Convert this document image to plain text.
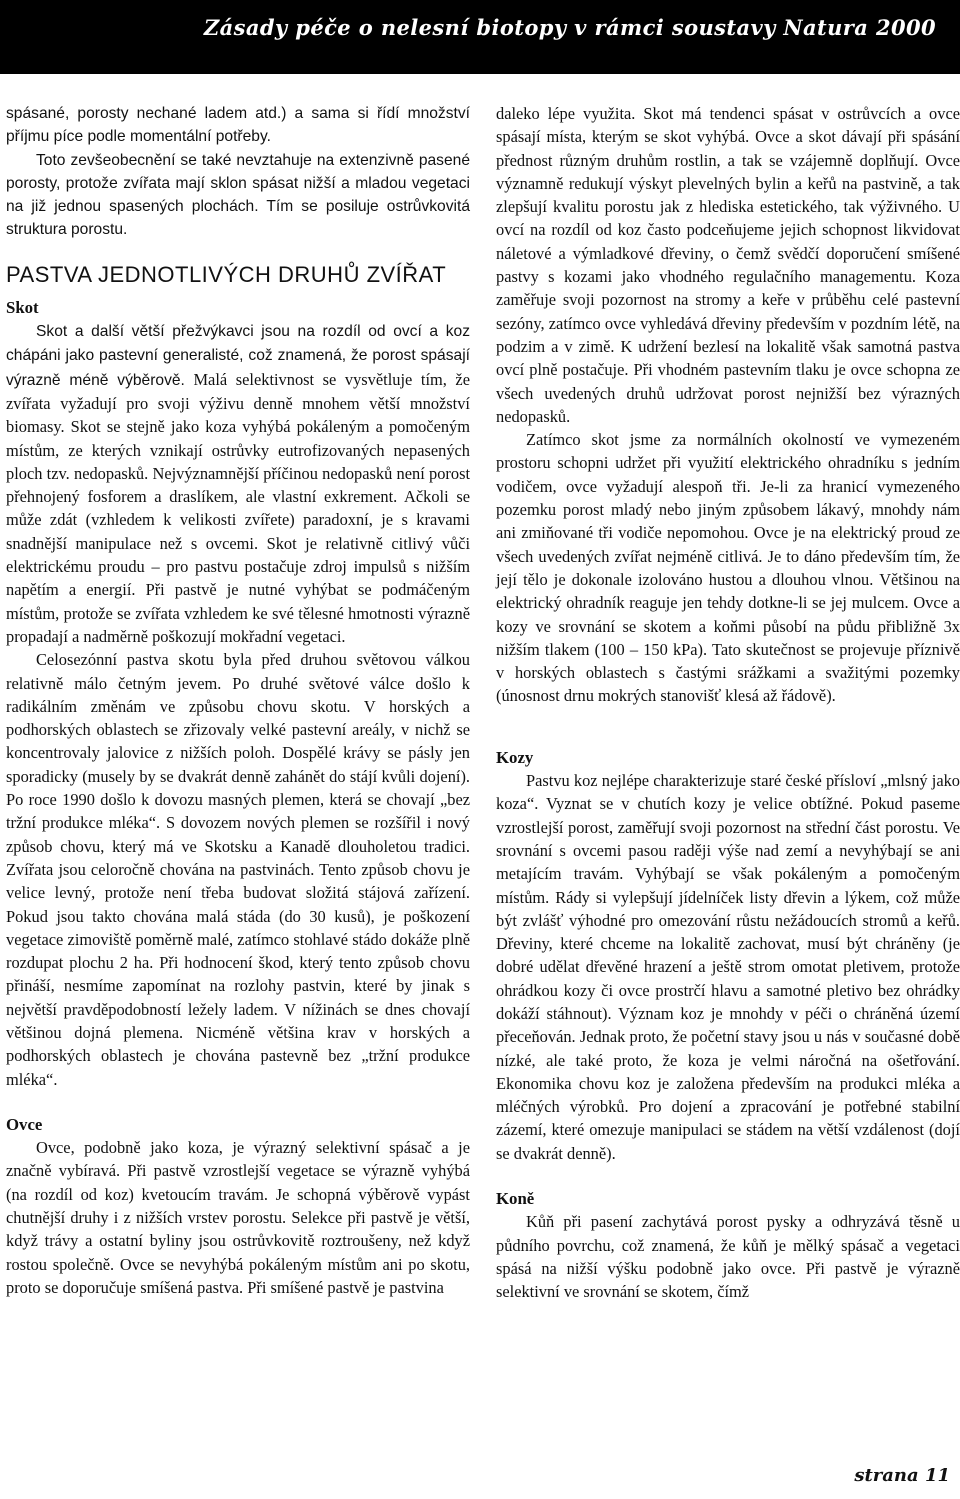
Zásady péče o nelesní biotopy v rámci soustavy Natura 2000

spásané, porosty nechané ladem atd.) a sama si řídí množství příjmu píce podle momentální potřeby.

Toto zevšeobecnění se také nevztahuje na extenzivně pasené porosty, protože zvířata mají sklon spásat nižší a mladou vegetaci na již jednou spasených plochách. Tím se posiluje ostrůvkovitá struktura porostu.

PASTVA JEDNOTLIVÝCH DRUHŮ ZVÍŘAT
Skot

Skot a další větší přežvýkavci jsou na rozdíl od ovcí a koz chápáni jako pastevní generalisté, což znamená, že porost spásají výrazně méně výběrově. Malá selektivnost se vysvětluje tím, že zvířata vyžadují pro svoji výživu denně mnohem větší množství biomasy. Skot se stejně jako koza vyhýbá pokáleným a pomočeným místům, ze kterých vznikají ostrůvky eutrofizovaných nepasených ploch tzv. nedopasků. Nejvýznamnější příčinou nedopasků není porost přehnojený fosforem a draslíkem, ale vlastní exkrement. Ačkoli se může zdát (vzhledem k velikosti zvířete) paradoxní, je s kravami snadnější manipulace než s ovcemi. Skot je relativně citlivý vůči elektrickému proudu – pro pastvu postačuje zdroj impulsů s nižším napětím a energií. Při pastvě je nutné vyhýbat se podmáčeným místům, protože se zvířata vzhledem ke své tělesné hmotnosti výrazně propadají a nadměrně poškozují mokřadní vegetaci.

Celosezónní pastva skotu byla před druhou světovou válkou relativně málo četným jevem. Po druhé světové válce došlo k radikálním změnám ve způsobu chovu skotu. V horských a podhorských oblastech se zřizovaly velké pastevní areály, v nichž se koncentrovaly jalovice z nižších poloh. Dospělé krávy se pásly jen sporadicky (musely by se dvakrát denně zahánět do stájí kvůli dojení). Po roce 1990 došlo k dovozu masných plemen, která se chovají „bez tržní produkce mléka“. S dovozem nových plemen se rozšířil i nový způsob chovu, který má ve Skotsku a Kanadě dlouholetou tradici. Zvířata jsou celoročně chována na pastvinách. Tento způsob chovu je velice levný, protože není třeba budovat složitá stájová zařízení. Pokud jsou takto chována malá stáda (do 30 kusů), je poškození vegetace zimoviště poměrně malé, zatímco stohlavé stádo dokáže plně rozdupat plochu 2 ha. Při hodnocení škod, který tento způsob chovu přináší, nesmíme zapomínat na rozlohy pastvin, které by jinak s největší pravděpodobností ležely ladem. V nížinách se dnes chovají většinou dojná plemena. Nicméně většina krav v horských a podhorských oblastech je chována pastevně bez „tržní produkce mléka“.

Ovce

Ovce, podobně jako koza, je výrazný selektivní spásač a je značně vybíravá. Při pastvě vzrostlejší vegetace se výrazně vyhýbá (na rozdíl od koz) kvetoucím travám. Je schopná výběrově vypást chutnější druhy i z nižších vrstev porostu. Selekce při pastvě je větší, když trávy a ostatní byliny jsou ostrůvkovitě roztroušeny, než když rostou společně. Ovce se nevyhýbá pokáleným místům ani po skotu, proto se doporučuje smíšená pastva. Při smíšené pastvě je pastvina

daleko lépe využita. Skot má tendenci spásat v ostrůvcích a ovce spásají místa, kterým se skot vyhýbá. Ovce a skot dávají při spásání přednost různým druhům rostlin, a tak se vzájemně doplňují. Ovce významně redukují výskyt plevelných bylin a keřů na pastvině, a tak zlepšují kvalitu porostu jak z hlediska estetického, tak výživného. U ovcí na rozdíl od koz často podceňujeme jejich schopnost likvidovat náletové a výmladkové dřeviny, o čemž svědčí doporučení smíšené pastvy s kozami jako vhodného regulačního managementu. Koza zaměřuje svoji pozornost na stromy a keře v průběhu celé pastevní sezóny, zatímco ovce vyhledává dřeviny především v pozdním létě, na podzim a v zimě. K udržení bezlesí na lokalitě však samotná pastva ovcí plně postačuje. Při vhodném pastevním tlaku je ovce schopna ze všech uvedených druhů udržovat porost nejnižší bez výrazných nedopasků.

Zatímco skot jsme za normálních okolností ve vymezeném prostoru schopni udržet při využití elektrického ohradníku s jedním vodičem, ovce vyžadují alespoň tři. Je-li za hranicí vymezeného pozemku porost mladý nebo jiným způsobem lákavý, mnohdy nám ani zmiňované tři vodiče nepomohou. Ovce je na elektrický proud ze všech uvedených zvířat nejméně citlivá. Je to dáno především tím, že její tělo je dokonale izolováno hustou a dlouhou vlnou. Většinou na elektrický ohradník reaguje jen tehdy dotkne-li se jej mulcem. Ovce a kozy ve srovnání se skotem a koňmi působí na půdu přibližně 3x nižším tlakem (100 – 150 kPa). Tato skutečnost se projevuje příznivě v horských oblastech s častými srážkami a svažitými pozemky (únosnost drnu mokrých stanovišť klesá až řádově).

Kozy

Pastvu koz nejlépe charakterizuje staré české přísloví „mlsný jako koza“. Vyznat se v chutích kozy je velice obtížné. Pokud paseme vzrostlejší porost, zaměřují svoji pozornost na střední část porostu. Ve srovnání s ovcemi pasou raději výše nad zemí a nevyhýbají se ani metajícím travám. Vyhýbají se však pokáleným a pomočeným místům. Rády si vylepšují jídelníček listy dřevin a lýkem, což může být zvlášť výhodné pro omezování růstu nežádoucích stromů a keřů. Dřeviny, které chceme na lokalitě zachovat, musí být chráněny (je dobré udělat dřevěné hrazení a ještě strom omotat pletivem, protože ohrádkou kozy či ovce prostrčí hlavu a samotné pletivo bez ohrádky dokáží stáhnout). Význam koz je mnohdy v péči o chráněná území přeceňován. Jednak proto, že početní stavy jsou u nás v současné době nízké, ale také proto, že koza je velmi náročná na ošetřování. Ekonomika chovu koz je založena především na produkci mléka a mléčných výrobků. Pro dojení a zpracování je potřebné stabilní zázemí, které omezuje manipulaci se stádem na větší vzdálenost (dojí se dvakrát denně).

Koně

Kůň při pasení zachytává porost pysky a odhryzává těsně u půdního povrchu, což znamená, že kůň je mělký spásač a vegetaci spásá na nižší výšku podobně jako ovce. Při pastvě je výrazně selektivní ve srovnání se skotem, čímž

strana 11
